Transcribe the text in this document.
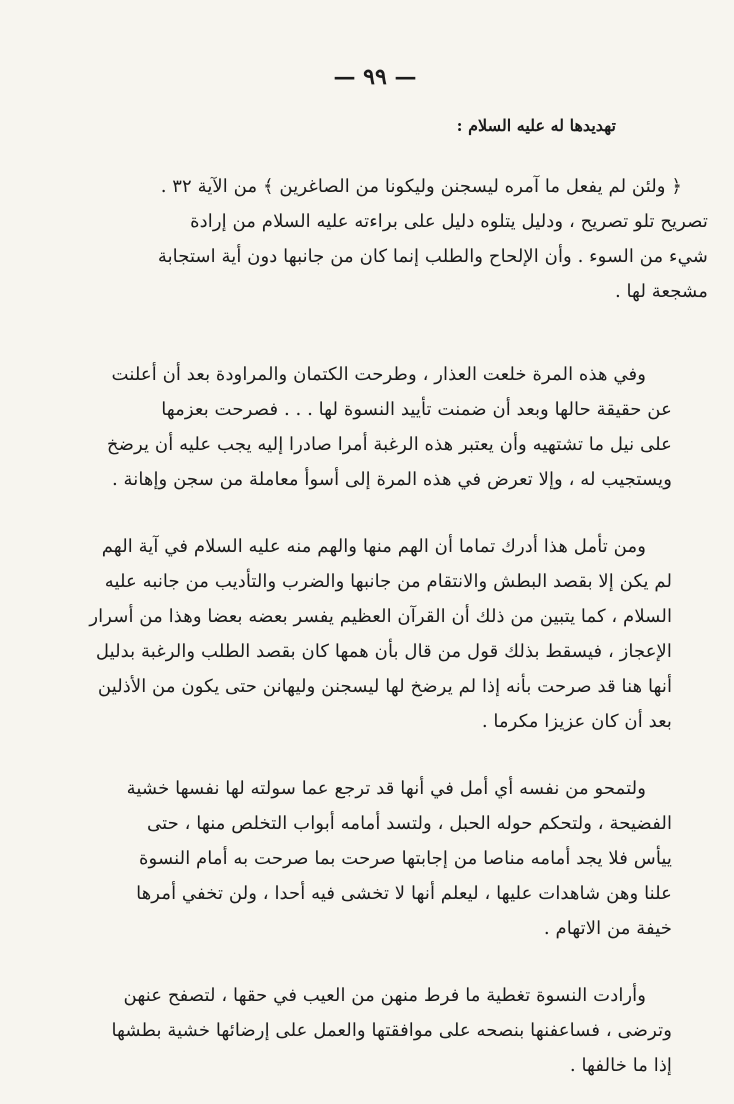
— ٩٩ —
تهديدها له عليه السلام :
﴿ ولئن لم يفعل ما آمره ليسجنن وليكونا من الصاغرين ﴾ من الآية ٣٢ .
تصريح تلو تصريح ، ودليل يتلوه دليل على براءته عليه السلام من إرادة
شيء من السوء . وأن الإلحاح والطلب إنما كان من جانبها دون أية استجابة
مشجعة لها .
وفي هذه المرة خلعت العذار ، وطرحت الكتمان والمراودة بعد أن أعلنت
عن حقيقة حالها وبعد أن ضمنت تأييد النسوة لها . . . فصرحت بعزمها
على نيل ما تشتهيه وأن يعتبر هذه الرغبة أمرا صادرا إليه يجب عليه أن يرضخ
ويستجيب له ، وإلا تعرض في هذه المرة إلى أسوأ معاملة من سجن وإهانة .
ومن تأمل هذا أدرك تماما أن الهم منها والهم منه عليه السلام في آية الهم
لم يكن إلا بقصد البطش والانتقام من جانبها والضرب والتأديب من جانبه عليه
السلام ، كما يتبين من ذلك أن القرآن العظيم يفسر بعضه بعضا وهذا من أسرار
الإعجاز ، فيسقط بذلك قول من قال بأن همها كان بقصد الطلب والرغبة بدليل
أنها هنا قد صرحت بأنه إذا لم يرضخ لها ليسجنن وليهانن حتى يكون من الأذلين
بعد أن كان عزيزا مكرما .
ولتمحو من نفسه أي أمل في أنها قد ترجع عما سولته لها نفسها خشية
الفضيحة ، ولتحكم حوله الحبل ، ولتسد أمامه أبواب التخلص منها ، حتى
ييأس فلا يجد أمامه مناصا من إجابتها صرحت بما صرحت به أمام النسوة
علنا وهن شاهدات عليها ، ليعلم أنها لا تخشى فيه أحدا ، ولن تخفي أمرها
خيفة من الاتهام .
وأرادت النسوة تغطية ما فرط منهن من العيب في حقها ، لتصفح عنهن
وترضى ، فساعفنها بنصحه على موافقتها والعمل على إرضائها خشية بطشها
إذا ما خالفها .
